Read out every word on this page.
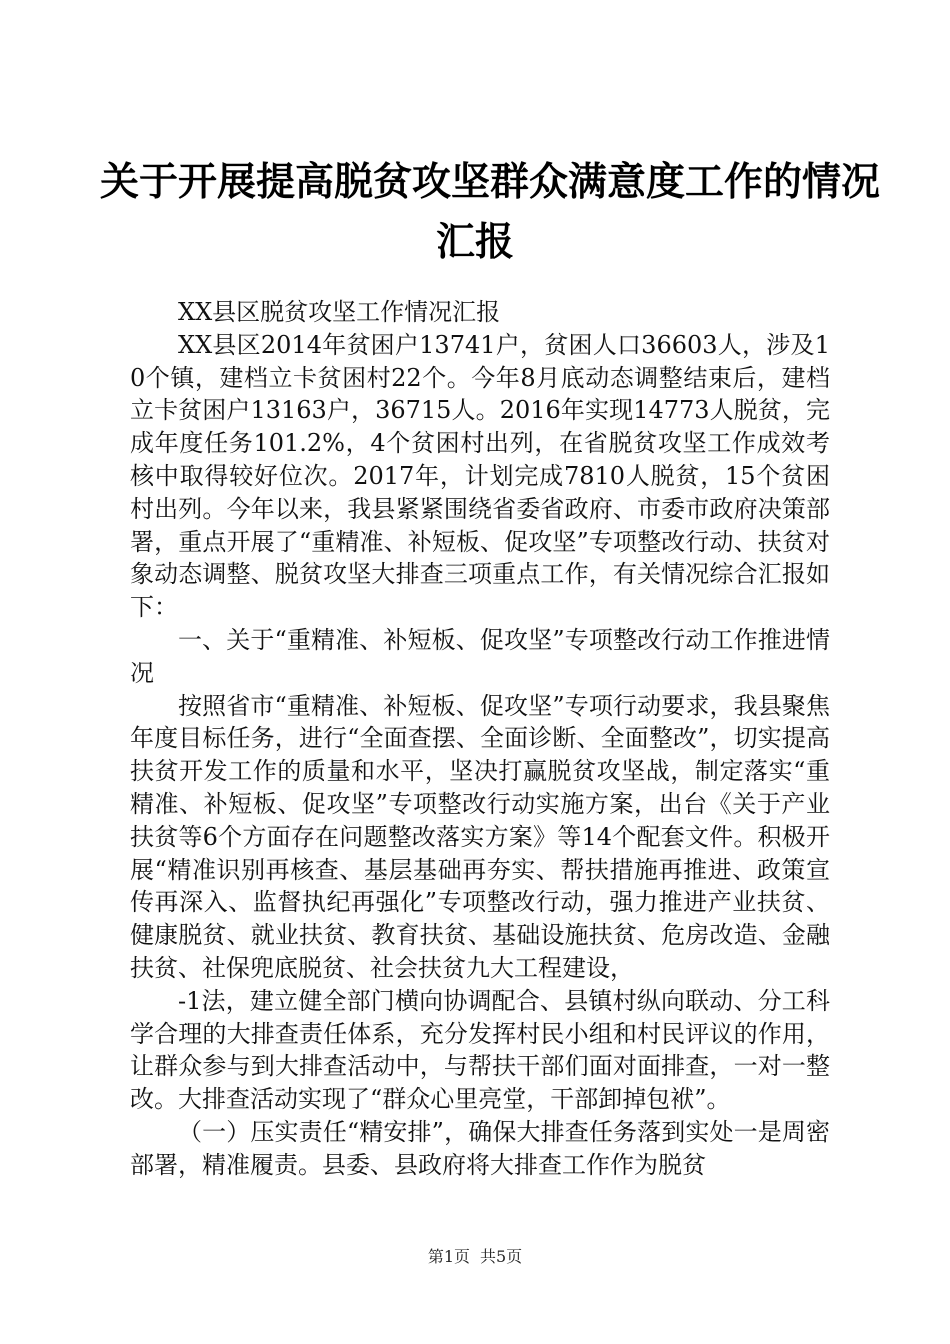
关于开展提高脱贫攻坚群众满意度工作的情况
汇报

XX县区脱贫攻坚工作情况汇报

XX县区2014年贫困户13741户，贫困人口36603人，涉及10个镇，建档立卡贫困村22个。今年8月底动态调整结束后，建档立卡贫困户13163户，36715人。2016年实现14773人脱贫，完成年度任务101.2%，4个贫困村出列，在省脱贫攻坚工作成效考核中取得较好位次。2017年，计划完成7810人脱贫，15个贫困村出列。今年以来，我县紧紧围绕省委省政府、市委市政府决策部署，重点开展了“重精准、补短板、促攻坚”专项整改行动、扶贫对象动态调整、脱贫攻坚大排查三项重点工作，有关情况综合汇报如下：

一、关于“重精准、补短板、促攻坚”专项整改行动工作推进情况

按照省市“重精准、补短板、促攻坚”专项行动要求，我县聚焦年度目标任务，进行“全面查摆、全面诊断、全面整改”，切实提高扶贫开发工作的质量和水平，坚决打赢脱贫攻坚战，制定落实“重精准、补短板、促攻坚”专项整改行动实施方案，出台《关于产业扶贫等6个方面存在问题整改落实方案》等14个配套文件。积极开展“精准识别再核查、基层基础再夯实、帮扶措施再推进、政策宣传再深入、监督执纪再强化”专项整改行动，强力推进产业扶贫、健康脱贫、就业扶贫、教育扶贫、基础设施扶贫、危房改造、金融扶贫、社保兜底脱贫、社会扶贫九大工程建设，

-1法，建立健全部门横向协调配合、县镇村纵向联动、分工科学合理的大排查责任体系，充分发挥村民小组和村民评议的作用，让群众参与到大排查活动中，与帮扶干部们面对面排查，一对一整改。大排查活动实现了“群众心里亮堂，干部卸掉包袱”。

（一）压实责任“精安排”，确保大排查任务落到实处一是周密部署，精准履责。县委、县政府将大排查工作作为脱贫

第1页 共5页
